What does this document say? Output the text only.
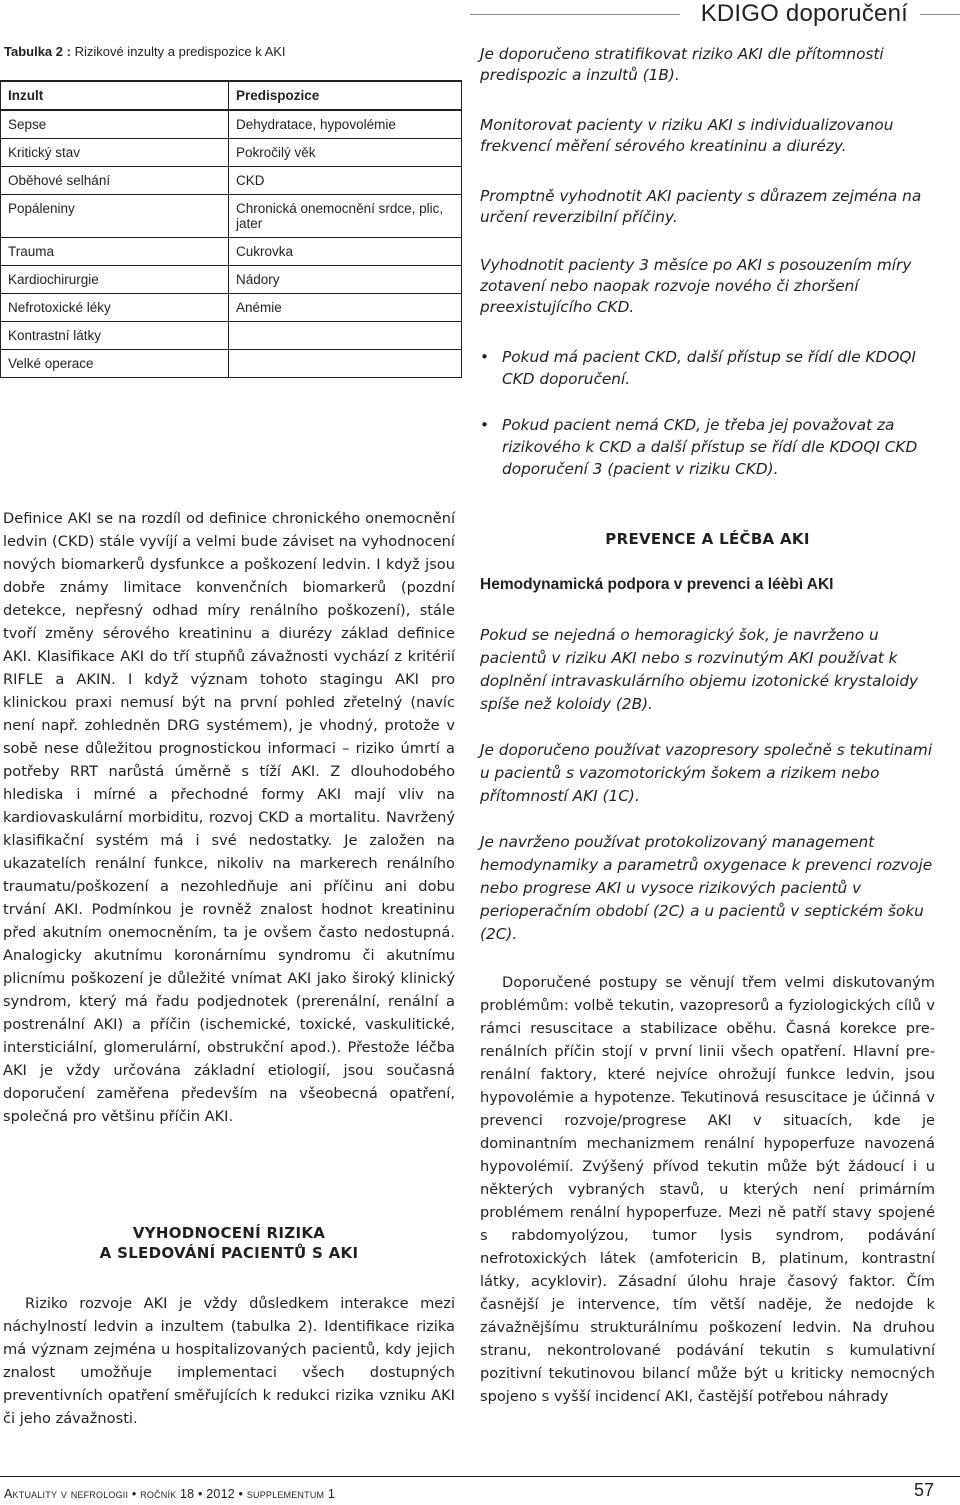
KDIGO doporučení
Tabulka 2 : Rizikové inzulty a predispozice k AKI
Inzult	Predispozice
Sepse	Dehydratace, hypovolémie
Kritický stav	Pokročilý věk
Oběhové selhání	CKD
Popáleniny	Chronická onemocnění srdce, plic, jater
Trauma	Cukrovka
Kardiochirurgie	Nádory
Nefrotoxické léky	Anémie
Kontrastní látky	
Velké operace	
Je doporučeno stratifikovat riziko AKI dle přítomnosti predispozic a inzultů (1B).
Monitorovat pacienty v riziku AKI s individualizovanou frekvencí měření sérového kreatininu a diurézy.
Promptně vyhodnotit AKI pacienty s důrazem zejména na určení reverzibilní příčiny.
Vyhodnotit pacienty 3 měsíce po AKI s posouzením míry zotavení nebo naopak rozvoje nového či zhoršení preexistujícího CKD.
• Pokud má pacient CKD, další přístup se řídí dle KDOQI CKD doporučení.
• Pokud pacient nemá CKD, je třeba jej považovat za rizikového k CKD a další přístup se řídí dle KDOQI CKD doporučení 3 (pacient v riziku CKD).
Definice AKI se na rozdíl od definice chronického onemocnění ledvin (CKD) stále vyvíjí a velmi bude záviset na vyhodnocení nových biomarkerů dysfunkce a poškození ledvin. I když jsou dobře známy limitace konvenčních biomarkerů (pozdní detekce, nepřesný odhad míry renálního poškození), stále tvoří změny sérového kreatininu a diurézy základ definice AKI. Klasifikace AKI do tří stupňů závažnosti vychází z kritérií RIFLE a AKIN. I když význam tohoto stagingu AKI pro klinickou praxi nemusí být na první pohled zřetelný (navíc není např. zohledněn DRG systémem), je vhodný, protože v sobě nese důležitou prognostickou informaci – riziko úmrtí a potřeby RRT narůstá úměrně s tíží AKI. Z dlouhodobého hlediska i mírné a přechodné formy AKI mají vliv na kardiovaskulární morbiditu, rozvoj CKD a mortalitu. Navržený klasifikační systém má i své nedostatky. Je založen na ukazatelích renální funkce, nikoliv na markerech renálního traumatu/poškození a nezohledňuje ani příčinu ani dobu trvání AKI. Podmínkou je rovněž znalost hodnot kreatininu před akutním onemocněním, ta je ovšem často nedostupná. Analogicky akutnímu koronárnímu syndromu či akutnímu plicnímu poškození je důležité vnímat AKI jako široký klinický syndrom, který má řadu podjednotek (prerenální, renální a postrenální AKI) a příčin (ischemické, toxické, vaskulitické, intersticiální, glomerulární, obstrukční apod.). Přestože léčba AKI je vždy určována základní etiologií, jsou současná doporučení zaměřena především na všeobecná opatření, společná pro většinu příčin AKI.
VYHODNOCENÍ RIZIKA
A SLEDOVÁNÍ PACIENTŮ S AKI
Riziko rozvoje AKI je vždy důsledkem interakce mezi náchylností ledvin a inzultem (tabulka 2). Identifikace rizika má význam zejména u hospitalizovaných pacientů, kdy jejich znalost umožňuje implementaci všech dostupných preventivních opatření směřujících k redukci rizika vzniku AKI či jeho závažnosti.
PREVENCE A LÉČBA AKI
Hemodynamická podpora v prevenci a léèbì AKI
Pokud se nejedná o hemoragický šok, je navrženo u pacientů v riziku AKI nebo s rozvinutým AKI používat k doplnění intravaskulárního objemu izotonické krystaloidy spíše než koloidy (2B).
Je doporučeno používat vazopresory společně s tekutinami u pacientů s vazomotorickým šokem a rizikem nebo přítomností AKI (1C).
Je navrženo používat protokolizovaný management hemodynamiky a parametrů oxygenace k prevenci rozvoje nebo progrese AKI u vysoce rizikových pacientů v perioperačním období (2C) a u pacientů v septickém šoku (2C).
Doporučené postupy se věnují třem velmi diskutovaným problémům: volbě tekutin, vazopresorů a fyziologických cílů v rámci resuscitace a stabilizace oběhu. Časná korekce pre-renálních příčin stojí v první linii všech opatření. Hlavní pre-renální faktory, které nejvíce ohrožují funkce ledvin, jsou hypovolémie a hypotenze. Tekutinová resuscitace je účinná v prevenci rozvoje/progrese AKI v situacích, kde je dominantním mechanizmem renální hypoperfuze navozená hypovolémií. Zvýšený přívod tekutin může být žádoucí i u některých vybraných stavů, u kterých není primárním problémem renální hypoperfuze. Mezi ně patří stavy spojené s rabdomyolýzou, tumor lysis syndrom, podávání nefrotoxických látek (amfotericin B, platinum, kontrastní látky, acyklovir). Zásadní úlohu hraje časový faktor. Čím časnější je intervence, tím větší naděje, že nedojde k závažnějšímu strukturálnímu poškození ledvin. Na druhou stranu, nekontrolované podávání tekutin s kumulativní pozitivní tekutinovou bilancí může být u kriticky nemocných spojeno s vyšší incidencí AKI, častější potřebou náhrady
Aktuality v nefrologii • ročník 18 • 2012 • supplementum 1	57
